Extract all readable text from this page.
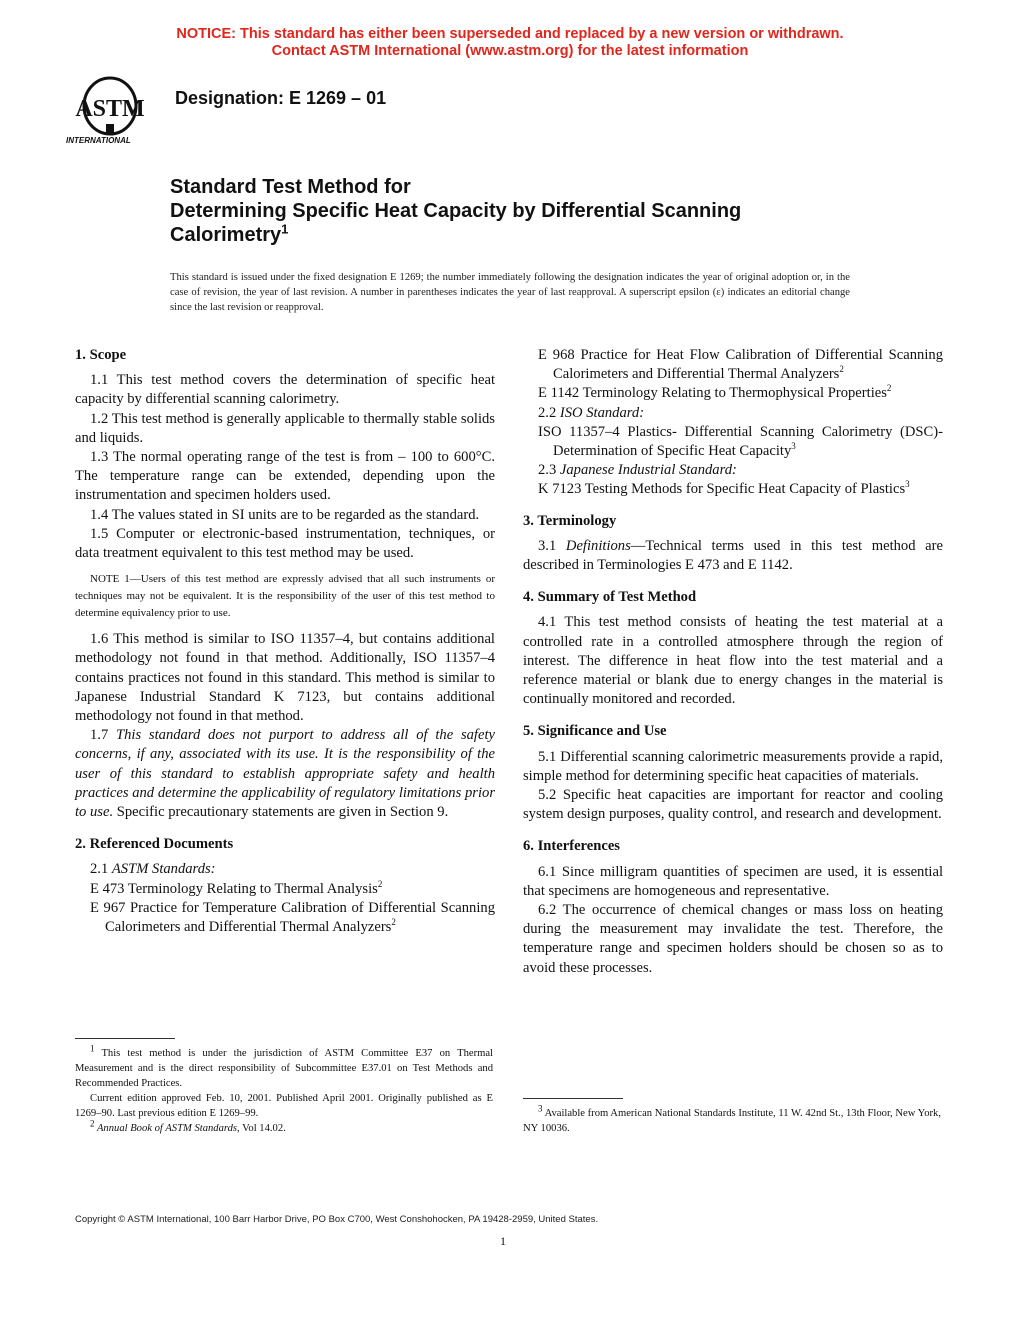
NOTICE: This standard has either been superseded and replaced by a new version or withdrawn.
Contact ASTM International (www.astm.org) for the latest information
ASTM
INTERNATIONAL
Designation: E 1269 – 01
Standard Test Method for
Determining Specific Heat Capacity by Differential Scanning
Calorimetry$^1$
This standard is issued under the fixed designation E 1269; the number immediately following the designation indicates the year of original adoption or, in the case of revision, the year of last revision. A number in parentheses indicates the year of last reapproval. A superscript epsilon (ε) indicates an editorial change since the last revision or reapproval.
1. Scope

1.1 This test method covers the determination of specific heat capacity by differential scanning calorimetry.

1.2 This test method is generally applicable to thermally stable solids and liquids.

1.3 The normal operating range of the test is from – 100 to 600°C. The temperature range can be extended, depending upon the instrumentation and specimen holders used.

1.4 The values stated in SI units are to be regarded as the standard.

1.5 Computer or electronic-based instrumentation, techniques, or data treatment equivalent to this test method may be used.

NOTE 1—Users of this test method are expressly advised that all such instruments or techniques may not be equivalent. It is the responsibility of the user of this test method to determine equivalency prior to use.

1.6 This method is similar to ISO 11357–4, but contains additional methodology not found in that method. Additionally, ISO 11357–4 contains practices not found in this standard. This method is similar to Japanese Industrial Standard K 7123, but contains additional methodology not found in that method.

1.7 This standard does not purport to address all of the safety concerns, if any, associated with its use. It is the responsibility of the user of this standard to establish appropriate safety and health practices and determine the applicability of regulatory limitations prior to use. Specific precautionary statements are given in Section 9.

2. Referenced Documents

2.1 ASTM Standards:

E 473 Terminology Relating to Thermal Analysis$^2$

E 967 Practice for Temperature Calibration of Differential Scanning Calorimeters and Differential Thermal Analyzers$^2$

$^1$ This test method is under the jurisdiction of ASTM Committee E37 on Thermal Measurement and is the direct responsibility of Subcommittee E37.01 on Test Methods and Recommended Practices.

Current edition approved Feb. 10, 2001. Published April 2001. Originally published as E 1269–90. Last previous edition E 1269–99.

$^2$ Annual Book of ASTM Standards, Vol 14.02.

E 968 Practice for Heat Flow Calibration of Differential Scanning Calorimeters and Differential Thermal Analyzers$^2$

E 1142 Terminology Relating to Thermophysical Properties$^2$

2.2 ISO Standard:

ISO 11357–4 Plastics- Differential Scanning Calorimetry (DSC)- Determination of Specific Heat Capacity$^3$

2.3 Japanese Industrial Standard:

K 7123 Testing Methods for Specific Heat Capacity of Plastics$^3$

3. Terminology

3.1 Definitions—Technical terms used in this test method are described in Terminologies E 473 and E 1142.

4. Summary of Test Method

4.1 This test method consists of heating the test material at a controlled rate in a controlled atmosphere through the region of interest. The difference in heat flow into the test material and a reference material or blank due to energy changes in the material is continually monitored and recorded.

5. Significance and Use

5.1 Differential scanning calorimetric measurements provide a rapid, simple method for determining specific heat capacities of materials.

5.2 Specific heat capacities are important for reactor and cooling system design purposes, quality control, and research and development.

6. Interferences

6.1 Since milligram quantities of specimen are used, it is essential that specimens are homogeneous and representative.

6.2 The occurrence of chemical changes or mass loss on heating during the measurement may invalidate the test. Therefore, the temperature range and specimen holders should be chosen so as to avoid these processes.

$^3$ Available from American National Standards Institute, 11 W. 42nd St., 13th Floor, New York, NY 10036.

Copyright © ASTM International, 100 Barr Harbor Drive, PO Box C700, West Conshohocken, PA 19428-2959, United States.
1
